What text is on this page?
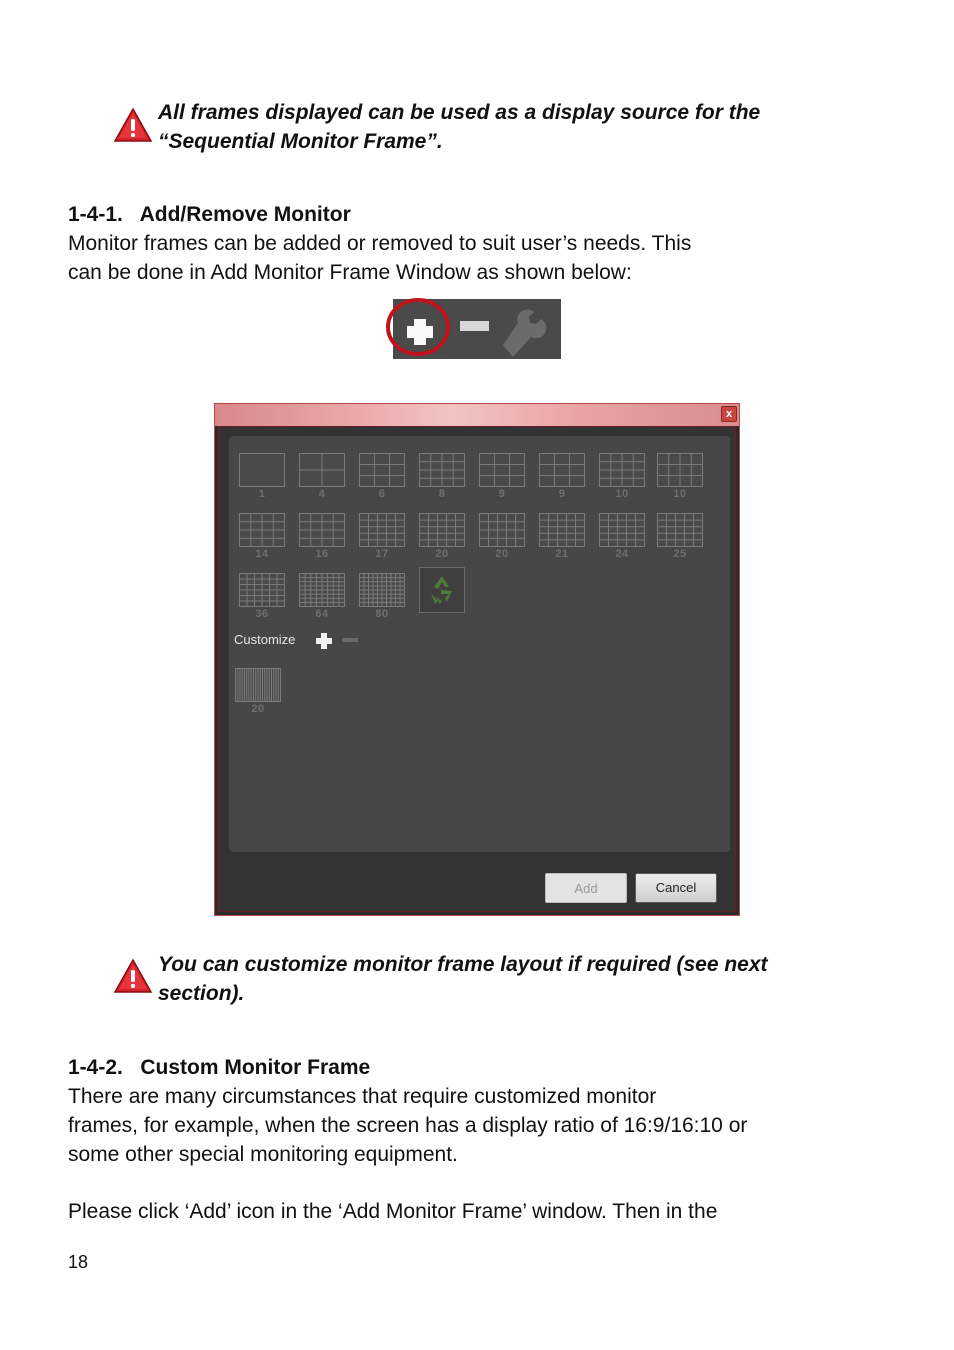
All frames displayed can be used as a display source for the
“Sequential Monitor Frame”.
1-4-1.   Add/Remove Monitor
Monitor frames can be added or removed to suit user’s needs. This
can be done in Add Monitor Frame Window as shown below:
x
Customize
1	4	6	8	9	9	10	10
14	16	17	20	20	21	24	25
36	64	80
20
Add	Cancel
You can customize monitor frame layout if required (see next
section).
1-4-2.   Custom Monitor Frame
There are many circumstances that require customized monitor
frames, for example, when the screen has a display ratio of 16:9/16:10 or
some other special monitoring equipment.
Please click ‘Add’ icon in the ‘Add Monitor Frame’ window. Then in the
18
